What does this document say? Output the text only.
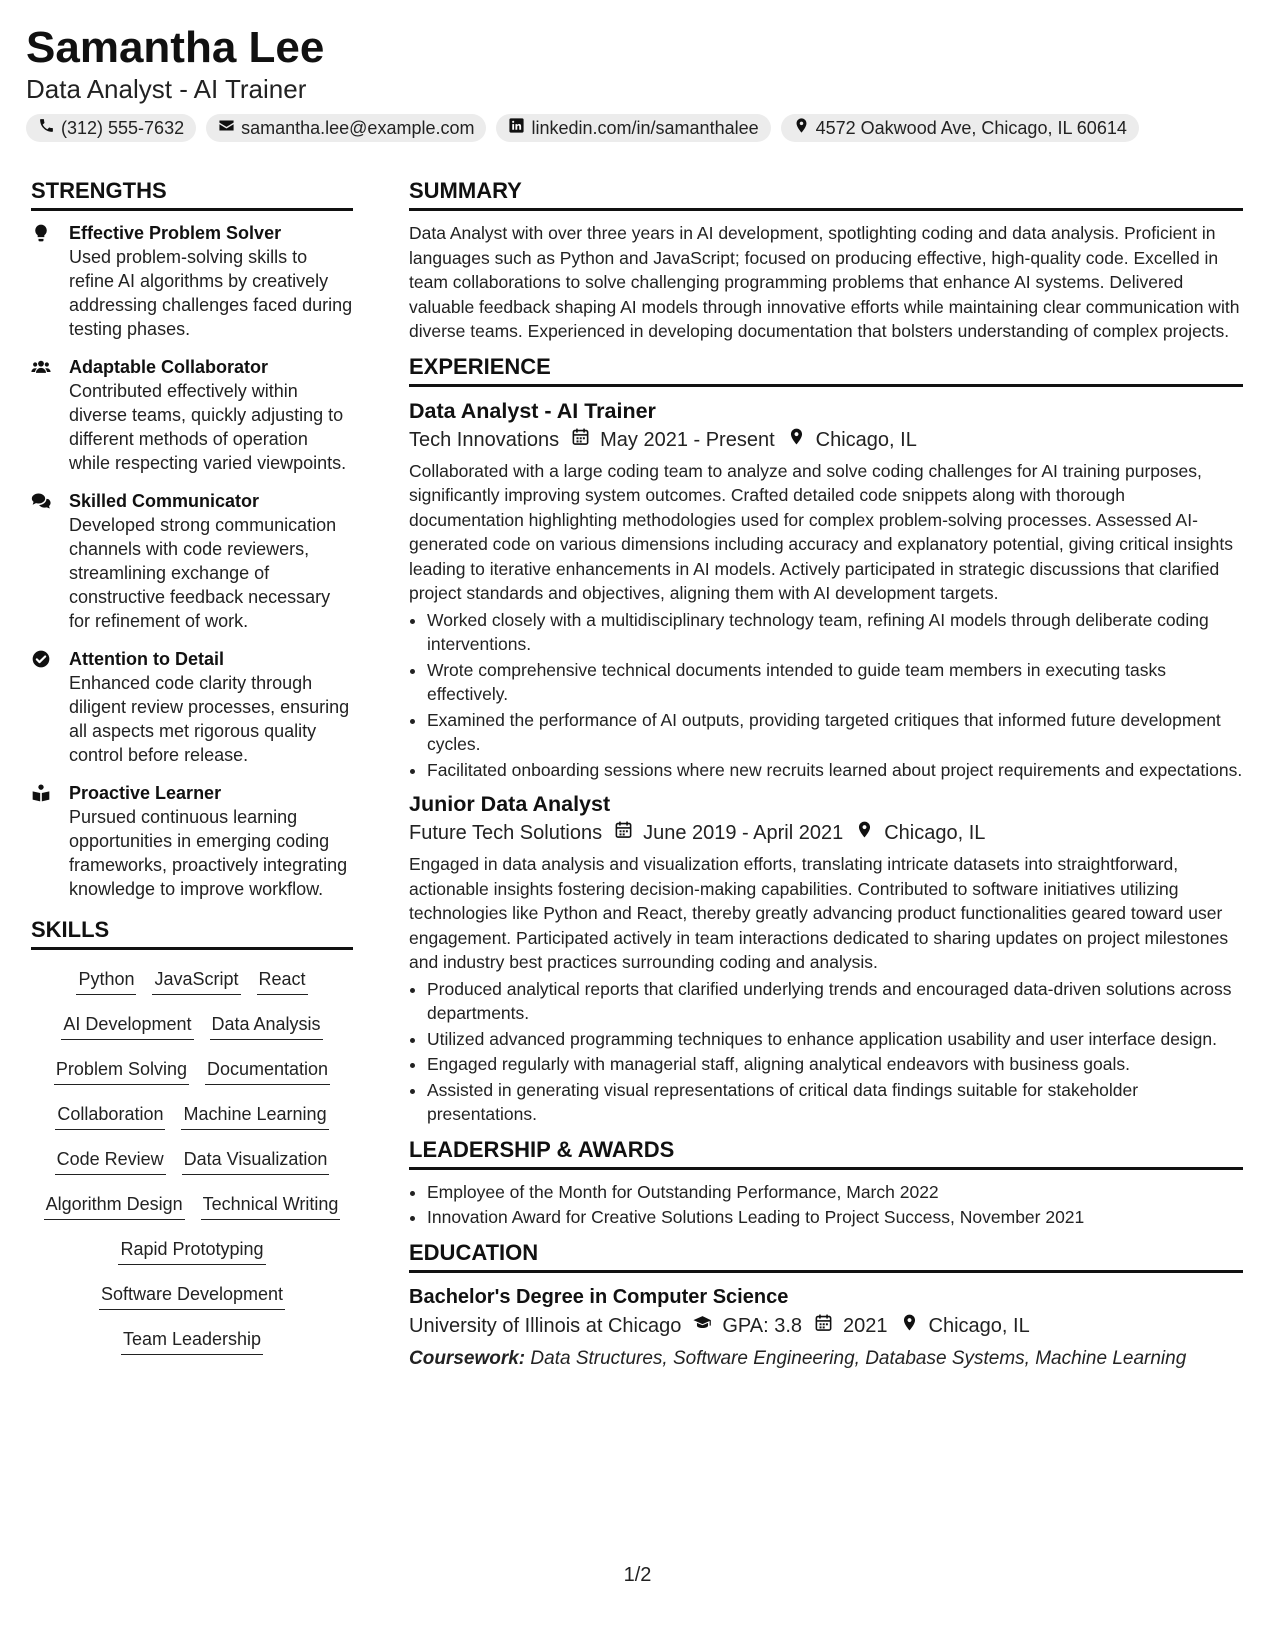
Samantha Lee
Data Analyst - AI Trainer
(312) 555-7632	samantha.lee@example.com	linkedin.com/in/samanthalee	4572 Oakwood Ave, Chicago, IL 60614
STRENGTHS
Effective Problem Solver
Used problem-solving skills to refine AI algorithms by creatively addressing challenges faced during testing phases.
Adaptable Collaborator
Contributed effectively within diverse teams, quickly adjusting to different methods of operation while respecting varied viewpoints.
Skilled Communicator
Developed strong communication channels with code reviewers, streamlining exchange of constructive feedback necessary for refinement of work.
Attention to Detail
Enhanced code clarity through diligent review processes, ensuring all aspects met rigorous quality control before release.
Proactive Learner
Pursued continuous learning opportunities in emerging coding frameworks, proactively integrating knowledge to improve workflow.
SKILLS
Python JavaScript React
AI Development Data Analysis
Problem Solving Documentation
Collaboration Machine Learning
Code Review Data Visualization
Algorithm Design Technical Writing
Rapid Prototyping
Software Development
Team Leadership
SUMMARY

Data Analyst with over three years in AI development, spotlighting coding and data analysis. Proficient in languages such as Python and JavaScript; focused on producing effective, high-quality code. Excelled in team collaborations to solve challenging programming problems that enhance AI systems. Delivered valuable feedback shaping AI models through innovative efforts while maintaining clear communication with diverse teams. Experienced in developing documentation that bolsters understanding of complex projects.

EXPERIENCE
Data Analyst - AI Trainer
Tech Innovations May 2021 - Present Chicago, IL

Collaborated with a large coding team to analyze and solve coding challenges for AI training purposes, significantly improving system outcomes. Crafted detailed code snippets along with thorough documentation highlighting methodologies used for complex problem-solving processes. Assessed AI-generated code on various dimensions including accuracy and explanatory potential, giving critical insights leading to iterative enhancements in AI models. Actively participated in strategic discussions that clarified project standards and objectives, aligning them with AI development targets.

• Worked closely with a multidisciplinary technology team, refining AI models through deliberate coding interventions.
• Wrote comprehensive technical documents intended to guide team members in executing tasks effectively.
• Examined the performance of AI outputs, providing targeted critiques that informed future development cycles.
• Facilitated onboarding sessions where new recruits learned about project requirements and expectations.
Junior Data Analyst
Future Tech Solutions June 2019 - April 2021 Chicago, IL

Engaged in data analysis and visualization efforts, translating intricate datasets into straightforward, actionable insights fostering decision-making capabilities. Contributed to software initiatives utilizing technologies like Python and React, thereby greatly advancing product functionalities geared toward user engagement. Participated actively in team interactions dedicated to sharing updates on project milestones and industry best practices surrounding coding and analysis.

• Produced analytical reports that clarified underlying trends and encouraged data-driven solutions across departments.
• Utilized advanced programming techniques to enhance application usability and user interface design.
• Engaged regularly with managerial staff, aligning analytical endeavors with business goals.
• Assisted in generating visual representations of critical data findings suitable for stakeholder presentations.
LEADERSHIP & AWARDS
• Employee of the Month for Outstanding Performance, March 2022
• Innovation Award for Creative Solutions Leading to Project Success, November 2021
EDUCATION
Bachelor's Degree in Computer Science
University of Illinois at Chicago GPA: 3.8 2021 Chicago, IL
Coursework: Data Structures, Software Engineering, Database Systems, Machine Learning
1/2
